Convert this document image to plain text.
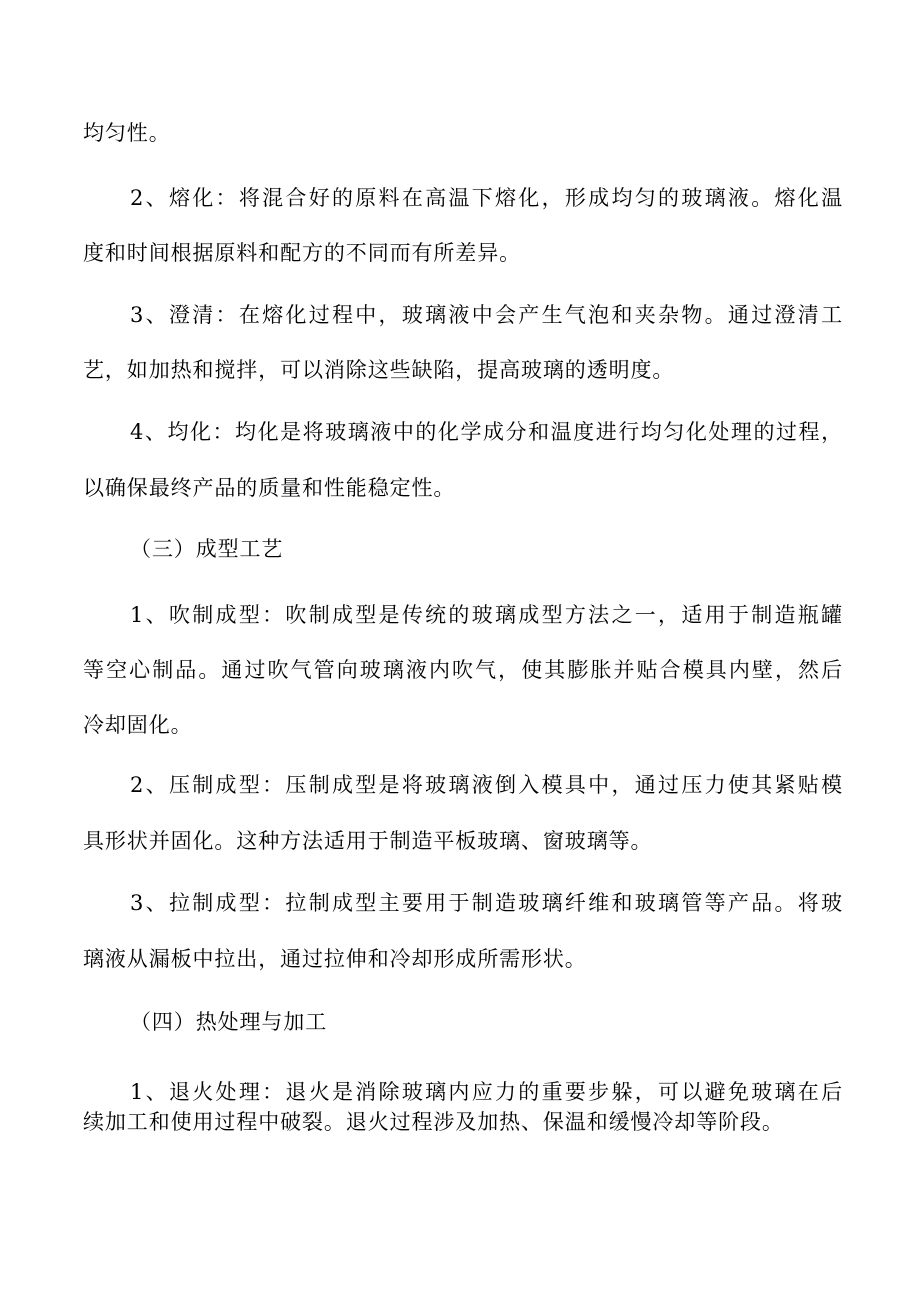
均匀性。
2、熔化：将混合好的原料在高温下熔化，形成均匀的玻璃液。熔化温
度和时间根据原料和配方的不同而有所差异。
3、澄清：在熔化过程中，玻璃液中会产生气泡和夹杂物。通过澄清工
艺，如加热和搅拌，可以消除这些缺陷，提高玻璃的透明度。
4、均化：均化是将玻璃液中的化学成分和温度进行均匀化处理的过程，
以确保最终产品的质量和性能稳定性。
（三）成型工艺
1、吹制成型：吹制成型是传统的玻璃成型方法之一，适用于制造瓶罐
等空心制品。通过吹气管向玻璃液内吹气，使其膨胀并贴合模具内壁，然后
冷却固化。
2、压制成型：压制成型是将玻璃液倒入模具中，通过压力使其紧贴模
具形状并固化。这种方法适用于制造平板玻璃、窗玻璃等。
3、拉制成型：拉制成型主要用于制造玻璃纤维和玻璃管等产品。将玻
璃液从漏板中拉出，通过拉伸和冷却形成所需形状。
（四）热处理与加工
1、退火处理：退火是消除玻璃内应力的重要步躲，可以避免玻璃在后
续加工和使用过程中破裂。退火过程涉及加热、保温和缓慢冷却等阶段。
